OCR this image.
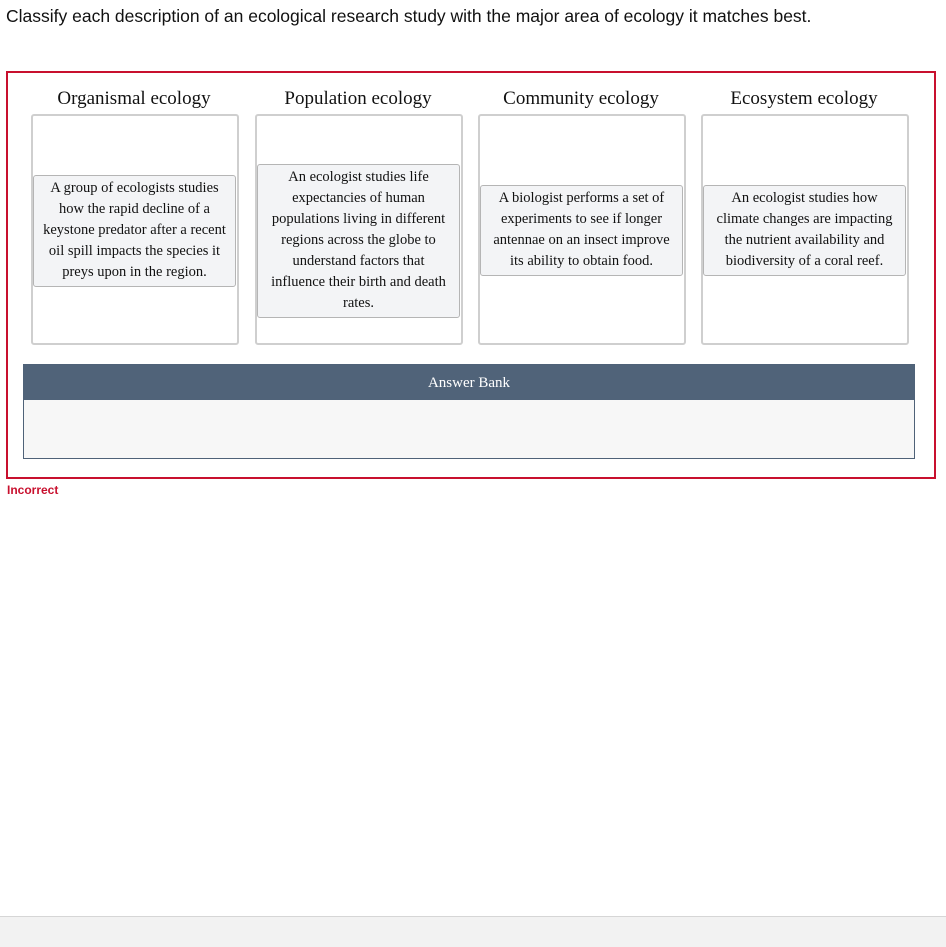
Classify each description of an ecological research study with the major area of ecology it matches best.
Organismal ecology
A group of ecologists studies how the rapid decline of a keystone predator after a recent oil spill impacts the species it preys upon in the region.
Population ecology
An ecologist studies life expectancies of human populations living in different regions across the globe to understand factors that influence their birth and death rates.
Community ecology
A biologist performs a set of experiments to see if longer antennae on an insect improve its ability to obtain food.
Ecosystem ecology
An ecologist studies how climate changes are impacting the nutrient availability and biodiversity of a coral reef.
Answer Bank
Incorrect
